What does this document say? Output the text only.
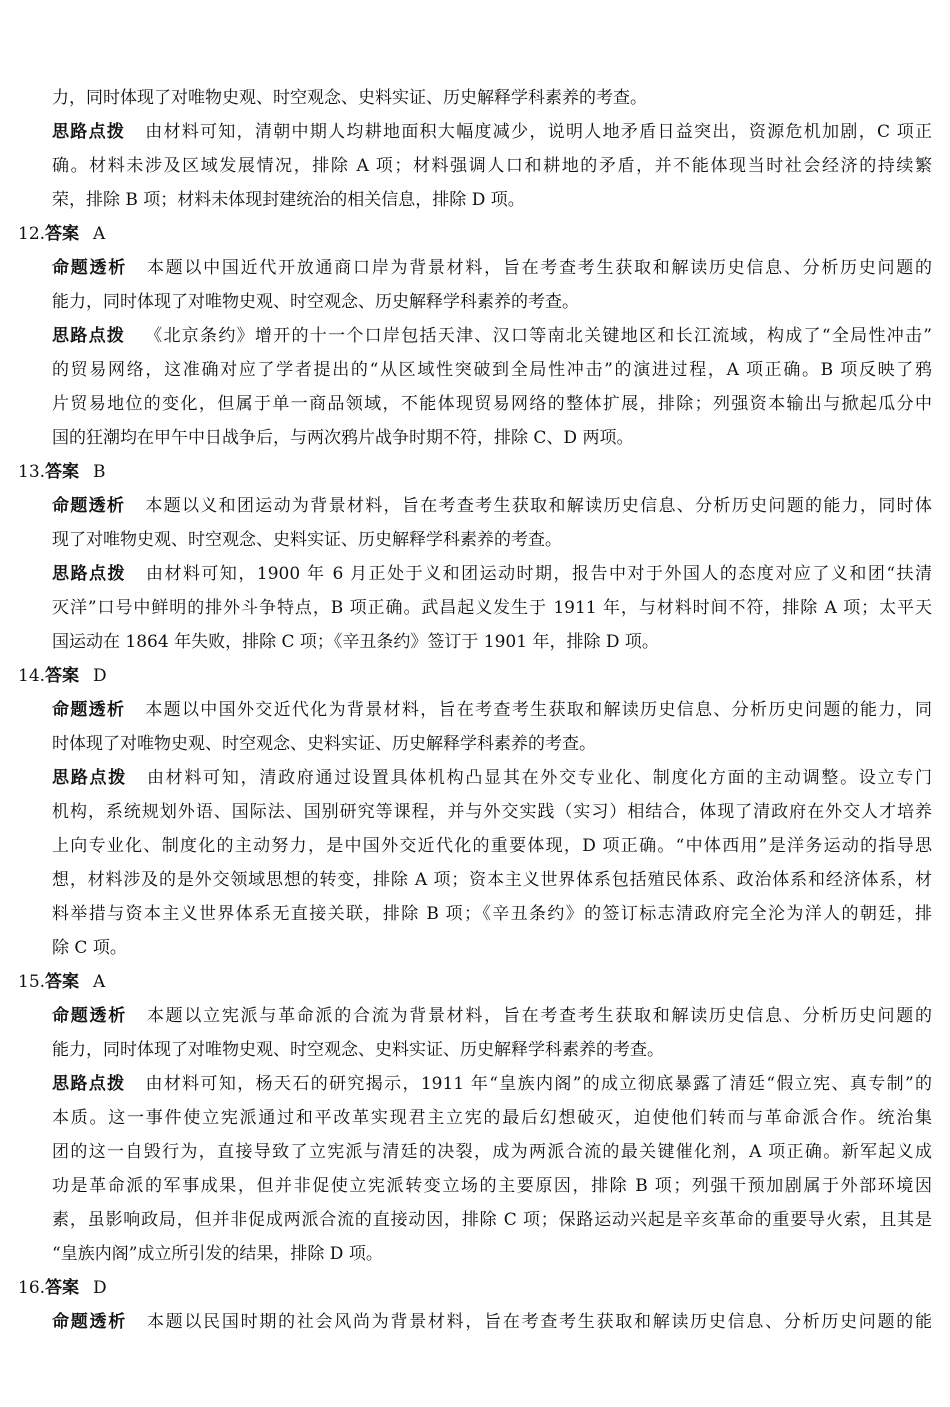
力，同时体现了对唯物史观、时空观念、史料实证、历史解释学科素养的考查。
思路点拨 由材料可知，清朝中期人均耕地面积大幅度减少，说明人地矛盾日益突出，资源危机加剧，C 项正
确。材料未涉及区域发展情况，排除 A 项；材料强调人口和耕地的矛盾，并不能体现当时社会经济的持续繁
荣，排除 B 项；材料未体现封建统治的相关信息，排除 D 项。
12.答案 A
命题透析 本题以中国近代开放通商口岸为背景材料，旨在考查考生获取和解读历史信息、分析历史问题的
能力，同时体现了对唯物史观、时空观念、历史解释学科素养的考查。
思路点拨 《北京条约》增开的十一个口岸包括天津、汉口等南北关键地区和长江流域，构成了“全局性冲击”
的贸易网络，这准确对应了学者提出的“从区域性突破到全局性冲击”的演进过程，A 项正确。B 项反映了鸦
片贸易地位的变化，但属于单一商品领域，不能体现贸易网络的整体扩展，排除；列强资本输出与掀起瓜分中
国的狂潮均在甲午中日战争后，与两次鸦片战争时期不符，排除 C、D 两项。
13.答案 B
命题透析 本题以义和团运动为背景材料，旨在考查考生获取和解读历史信息、分析历史问题的能力，同时体
现了对唯物史观、时空观念、史料实证、历史解释学科素养的考查。
思路点拨 由材料可知，1900 年 6 月正处于义和团运动时期，报告中对于外国人的态度对应了义和团“扶清
灭洋”口号中鲜明的排外斗争特点，B 项正确。武昌起义发生于 1911 年，与材料时间不符，排除 A 项；太平天
国运动在 1864 年失败，排除 C 项；《辛丑条约》签订于 1901 年，排除 D 项。
14.答案 D
命题透析 本题以中国外交近代化为背景材料，旨在考查考生获取和解读历史信息、分析历史问题的能力，同
时体现了对唯物史观、时空观念、史料实证、历史解释学科素养的考查。
思路点拨 由材料可知，清政府通过设置具体机构凸显其在外交专业化、制度化方面的主动调整。设立专门
机构，系统规划外语、国际法、国别研究等课程，并与外交实践（实习）相结合，体现了清政府在外交人才培养
上向专业化、制度化的主动努力，是中国外交近代化的重要体现，D 项正确。“中体西用”是洋务运动的指导思
想，材料涉及的是外交领域思想的转变，排除 A 项；资本主义世界体系包括殖民体系、政治体系和经济体系，材
料举措与资本主义世界体系无直接关联，排除 B 项；《辛丑条约》的签订标志清政府完全沦为洋人的朝廷，排
除 C 项。
15.答案 A
命题透析 本题以立宪派与革命派的合流为背景材料，旨在考查考生获取和解读历史信息、分析历史问题的
能力，同时体现了对唯物史观、时空观念、史料实证、历史解释学科素养的考查。
思路点拨 由材料可知，杨天石的研究揭示，1911 年“皇族内阁”的成立彻底暴露了清廷“假立宪、真专制”的
本质。这一事件使立宪派通过和平改革实现君主立宪的最后幻想破灭，迫使他们转而与革命派合作。统治集
团的这一自毁行为，直接导致了立宪派与清廷的决裂，成为两派合流的最关键催化剂，A 项正确。新军起义成
功是革命派的军事成果，但并非促使立宪派转变立场的主要原因，排除 B 项；列强干预加剧属于外部环境因
素，虽影响政局，但并非促成两派合流的直接动因，排除 C 项；保路运动兴起是辛亥革命的重要导火索，且其是
“皇族内阁”成立所引发的结果，排除 D 项。
16.答案 D
命题透析 本题以民国时期的社会风尚为背景材料，旨在考查考生获取和解读历史信息、分析历史问题的能
